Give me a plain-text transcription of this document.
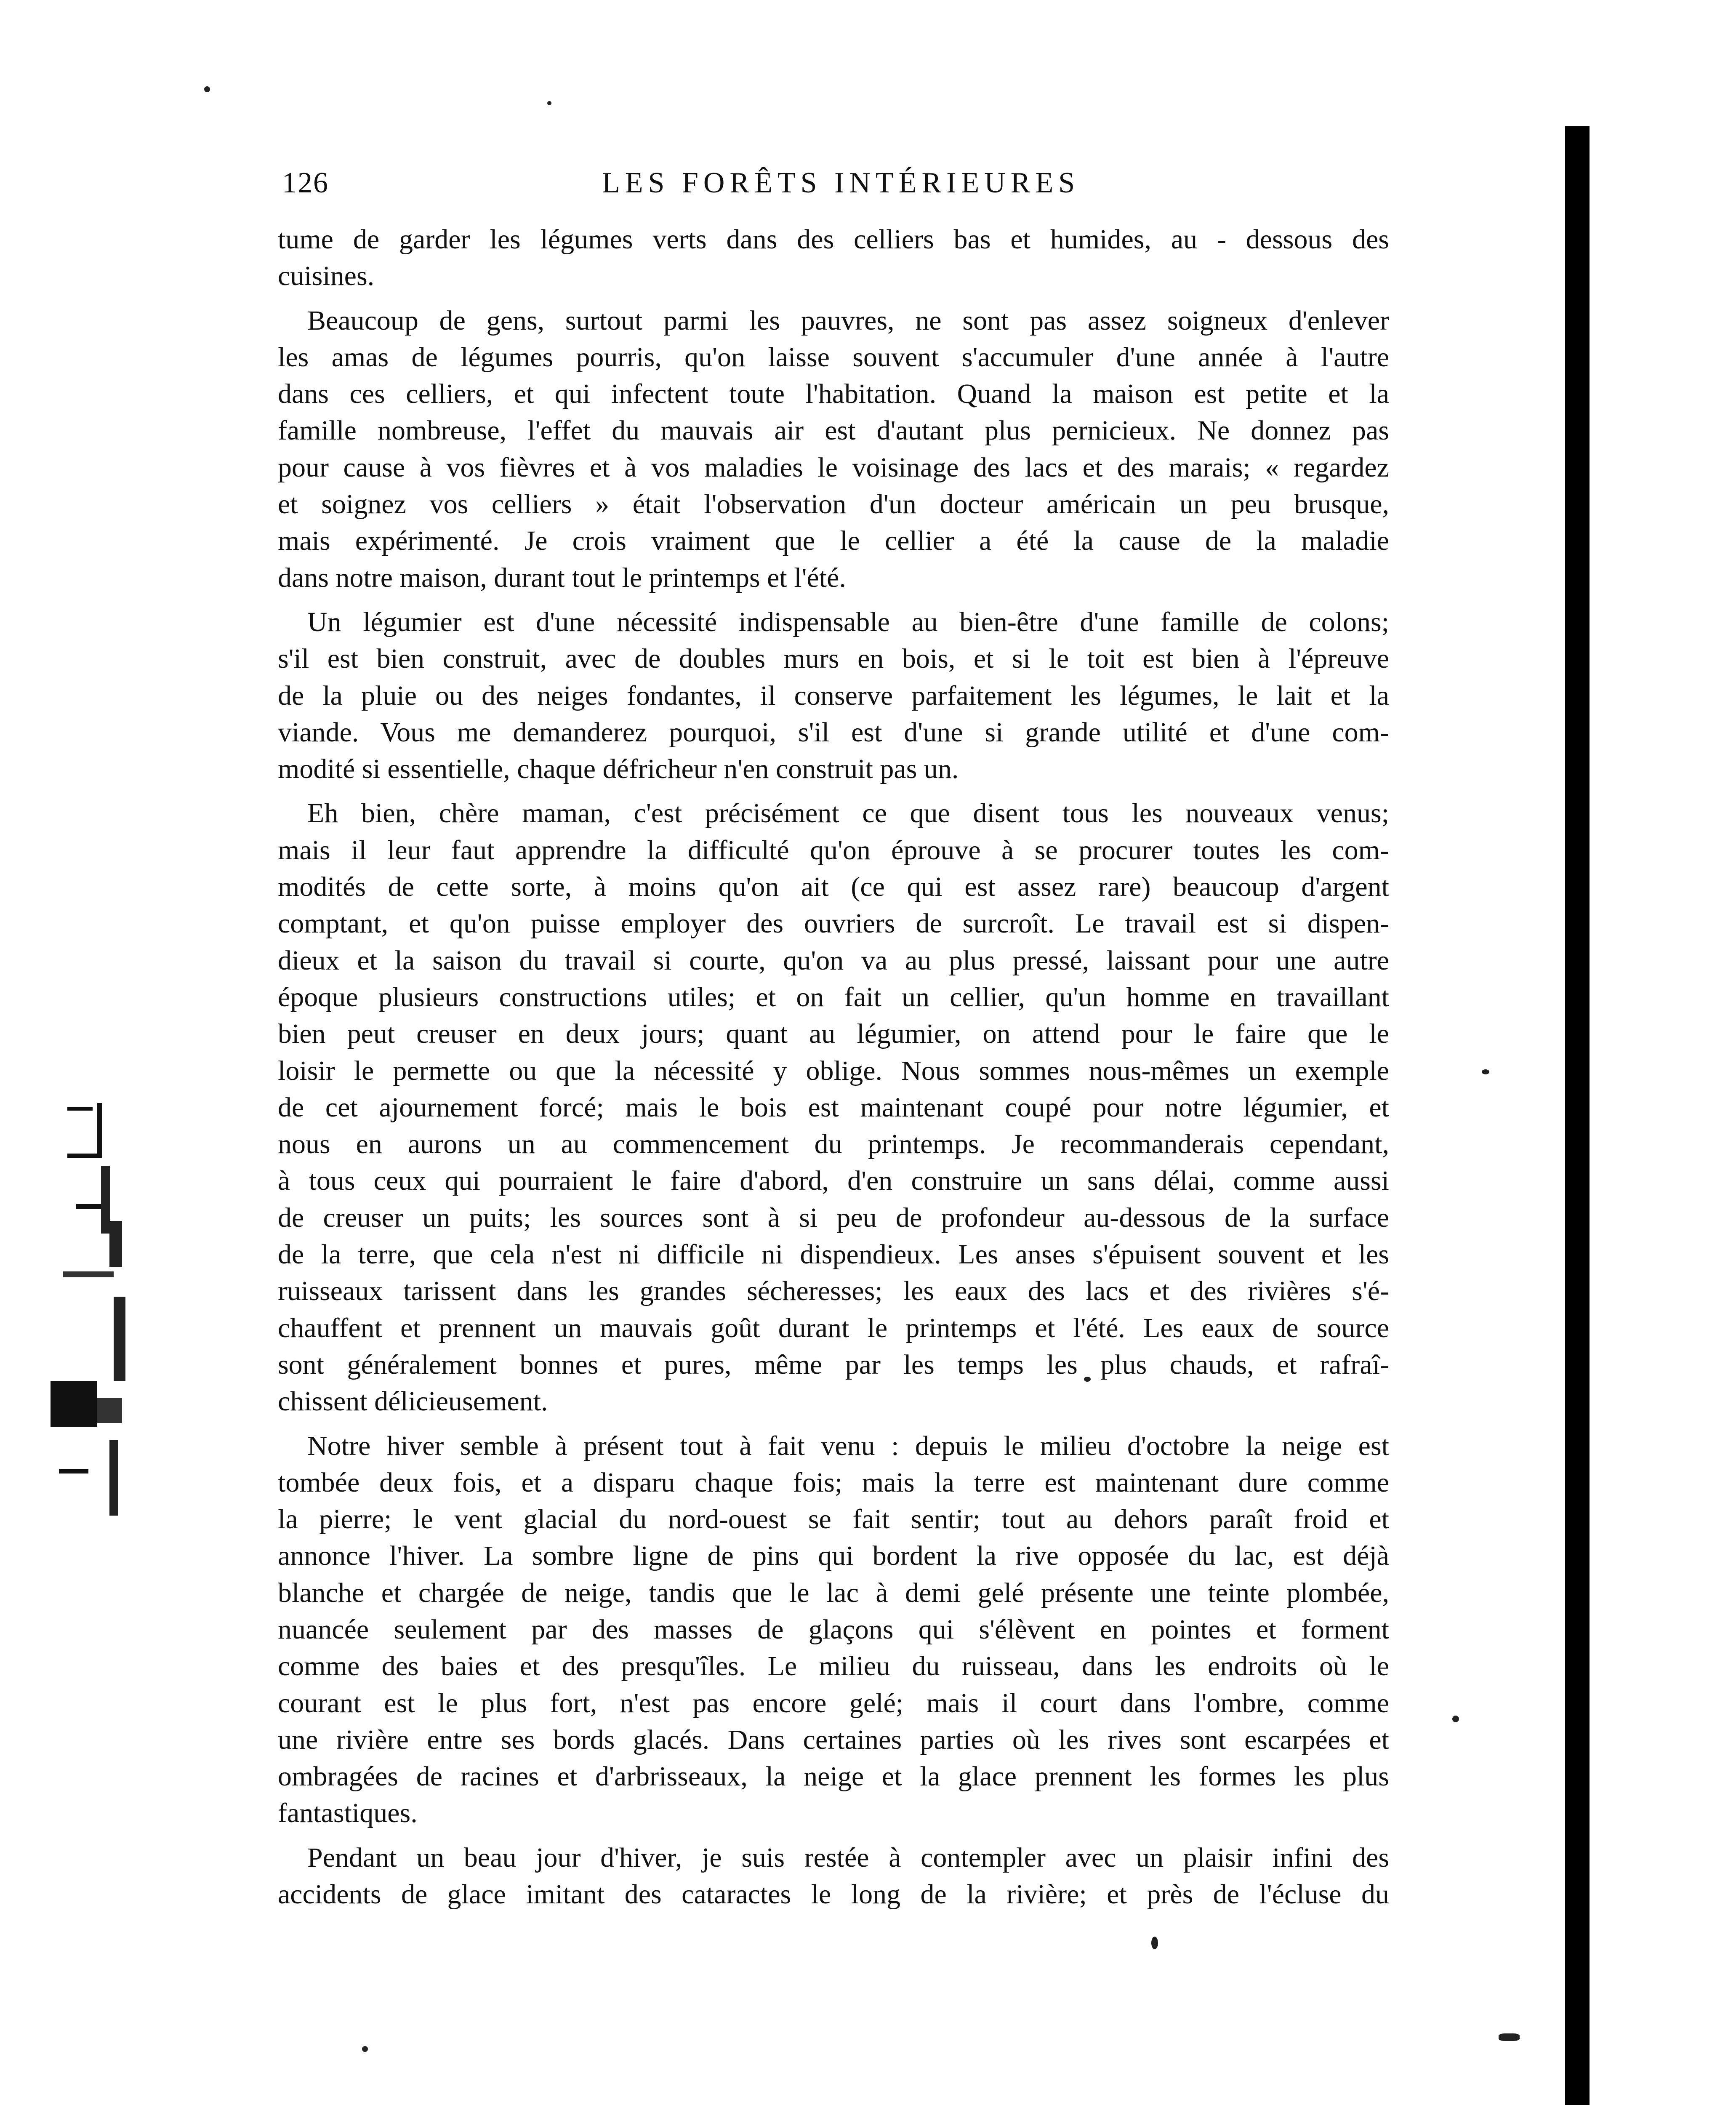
126	LES FORÊTS INTÉRIEURES
tume de garder les légumes verts dans des celliers bas et humides, au - dessous des
cuisines.
Beaucoup de gens, surtout parmi les pauvres, ne sont pas assez soigneux d'enlever
les amas de légumes pourris, qu'on laisse souvent s'accumuler d'une année à l'autre
dans ces celliers, et qui infectent toute l'habitation. Quand la maison est petite et la
famille nombreuse, l'effet du mauvais air est d'autant plus pernicieux. Ne donnez pas
pour cause à vos fièvres et à vos maladies le voisinage des lacs et des marais; « regardez
et soignez vos celliers » était l'observation d'un docteur américain un peu brusque,
mais expérimenté. Je crois vraiment que le cellier a été la cause de la maladie
dans notre maison, durant tout le printemps et l'été.
Un légumier est d'une nécessité indispensable au bien-être d'une famille de colons;
s'il est bien construit, avec de doubles murs en bois, et si le toit est bien à l'épreuve
de la pluie ou des neiges fondantes, il conserve parfaitement les légumes, le lait et la
viande. Vous me demanderez pourquoi, s'il est d'une si grande utilité et d'une com-
modité si essentielle, chaque défricheur n'en construit pas un.
Eh bien, chère maman, c'est précisément ce que disent tous les nouveaux venus;
mais il leur faut apprendre la difficulté qu'on éprouve à se procurer toutes les com-
modités de cette sorte, à moins qu'on ait (ce qui est assez rare) beaucoup d'argent
comptant, et qu'on puisse employer des ouvriers de surcroît. Le travail est si dispen-
dieux et la saison du travail si courte, qu'on va au plus pressé, laissant pour une autre
époque plusieurs constructions utiles; et on fait un cellier, qu'un homme en travaillant
bien peut creuser en deux jours; quant au légumier, on attend pour le faire que le
loisir le permette ou que la nécessité y oblige. Nous sommes nous-mêmes un exemple
de cet ajournement forcé; mais le bois est maintenant coupé pour notre légumier, et
nous en aurons un au commencement du printemps. Je recommanderais cependant,
à tous ceux qui pourraient le faire d'abord, d'en construire un sans délai, comme aussi
de creuser un puits; les sources sont à si peu de profondeur au-dessous de la surface
de la terre, que cela n'est ni difficile ni dispendieux. Les anses s'épuisent souvent et les
ruisseaux tarissent dans les grandes sécheresses; les eaux des lacs et des rivières s'é-
chauffent et prennent un mauvais goût durant le printemps et l'été. Les eaux de source
sont généralement bonnes et pures, même par les temps les plus chauds, et rafraî-
chissent délicieusement.
Notre hiver semble à présent tout à fait venu : depuis le milieu d'octobre la neige est
tombée deux fois, et a disparu chaque fois; mais la terre est maintenant dure comme
la pierre; le vent glacial du nord-ouest se fait sentir; tout au dehors paraît froid et
annonce l'hiver. La sombre ligne de pins qui bordent la rive opposée du lac, est déjà
blanche et chargée de neige, tandis que le lac à demi gelé présente une teinte plombée,
nuancée seulement par des masses de glaçons qui s'élèvent en pointes et forment
comme des baies et des presqu'îles. Le milieu du ruisseau, dans les endroits où le
courant est le plus fort, n'est pas encore gelé; mais il court dans l'ombre, comme
une rivière entre ses bords glacés. Dans certaines parties où les rives sont escarpées et
ombragées de racines et d'arbrisseaux, la neige et la glace prennent les formes les plus
fantastiques.
Pendant un beau jour d'hiver, je suis restée à contempler avec un plaisir infini des
accidents de glace imitant des cataractes le long de la rivière; et près de l'écluse du
